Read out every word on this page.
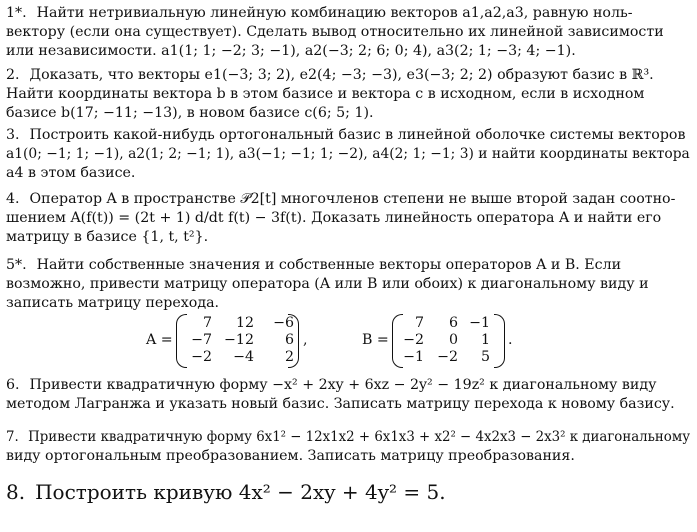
1*. Найти нетривиальную линейную комбинацию векторов a1,a2,a3, равную ноль-
вектору (если она существует). Сделать вывод относительно их линейной зависимости
или независимости. a1(1; 1; −2; 3; −1), a2(−3; 2; 6; 0; 4), a3(2; 1; −3; 4; −1).
2. Доказать, что векторы e1(−3; 3; 2), e2(4; −3; −3), e3(−3; 2; 2) образуют базис в ℝ³.
Найти координаты вектора b в этом базисе и вектора c в исходном, если в исходном
базисе b(17; −11; −13), в новом базисе c(6; 5; 1).
3. Построить какой-нибудь ортогональный базис в линейной оболочке системы векторов
a1(0; −1; 1; −1), a2(1; 2; −1; 1), a3(−1; −1; 1; −2), a4(2; 1; −1; 3) и найти координаты вектора
a4 в этом базисе.
4. Оператор A в пространстве 𝒫2[t] многочленов степени не выше второй задан соотно-
шением A(f(t)) = (2t + 1) d/dt f(t) − 3f(t). Доказать линейность оператора A и найти его
матрицу в базисе {1, t, t²}.
5*. Найти собственные значения и собственные векторы операторов A и B. Если
возможно, привести матрицу оператора (A или B или обоих) к диагональному виду и
записать матрицу перехода.
A =
7	12	−6
−7 −12	6
−2	−4	2
,	B =
7	6 −1
−2	0	1
−1 −2	5
.
6. Привести квадратичную форму −x² + 2xy + 6xz − 2y² − 19z² к диагональному виду
методом Лагранжа и указать новый базис. Записать матрицу перехода к новому базису.
7. Привести квадратичную форму 6x1² − 12x1x2 + 6x1x3 + x2² − 4x2x3 − 2x3² к диагональному
виду ортогональным преобразованием. Записать матрицу преобразования.
8. Построить кривую 4x² − 2xy + 4y² = 5.
